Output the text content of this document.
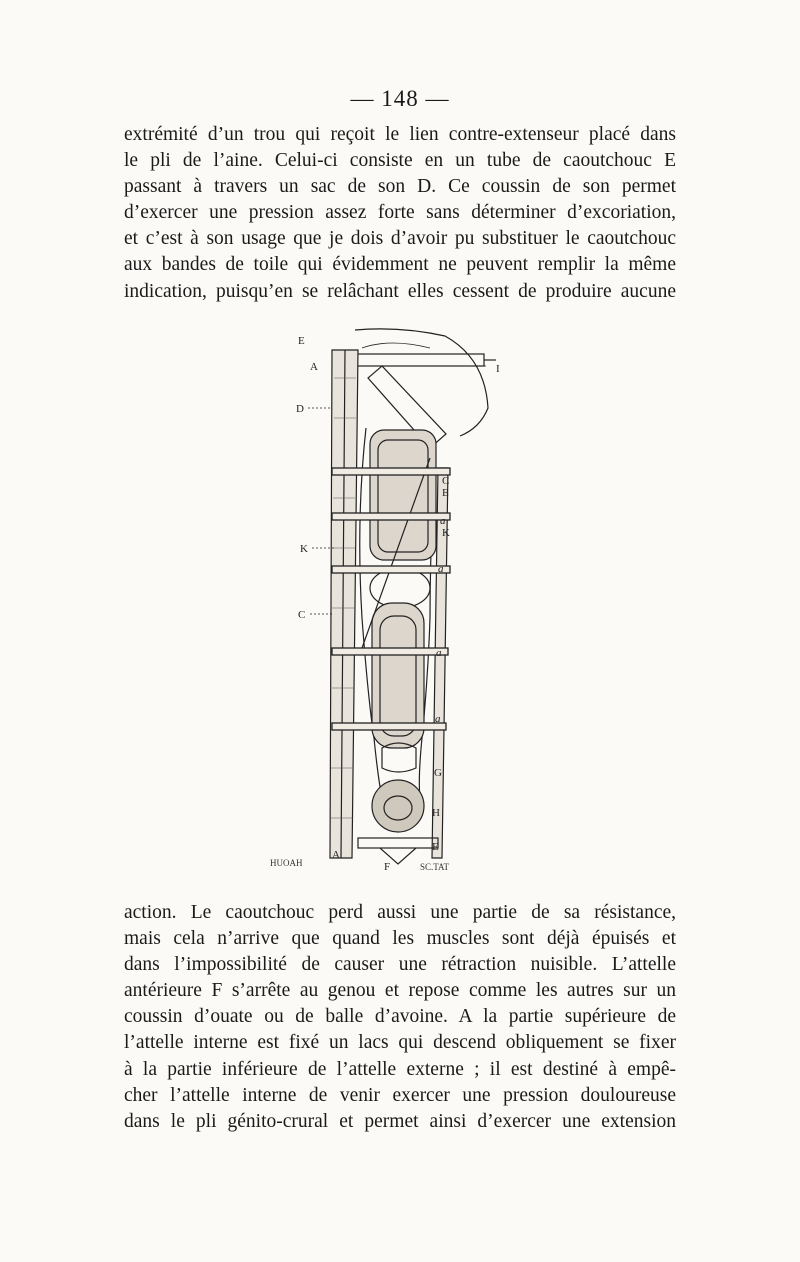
— 148 —

extrémité d’un trou qui reçoit le lien contre-extenseur placé dans
le pli de l’aine. Celui-ci consiste en un tube de caoutchouc E
passant à travers un sac de son D. Ce coussin de son permet
d’exercer une pression assez forte sans déterminer d’excoriation,
et c’est à son usage que je dois d’avoir pu substituer le caoutchouc
aux bandes de toile qui évidemment ne peuvent remplir la même
indication, puisqu’en se relâchant elles cessent de produire aucune

E
A
D
K
C
I
C
E
a
K
a
a
a
G
H
E
A
F
HUOAH	SC.TAT

action. Le caoutchouc perd aussi une partie de sa résistance,
mais cela n’arrive que quand les muscles sont déjà épuisés et
dans l’impossibilité de causer une rétraction nuisible. L’attelle
antérieure F s’arrête au genou et repose comme les autres sur un
coussin d’ouate ou de balle d’avoine. A la partie supérieure de
l’attelle interne est fixé un lacs qui descend obliquement se fixer
à la partie inférieure de l’attelle externe ; il est destiné à empê-
cher l’attelle interne de venir exercer une pression douloureuse
dans le pli génito-crural et permet ainsi d’exercer une extension
